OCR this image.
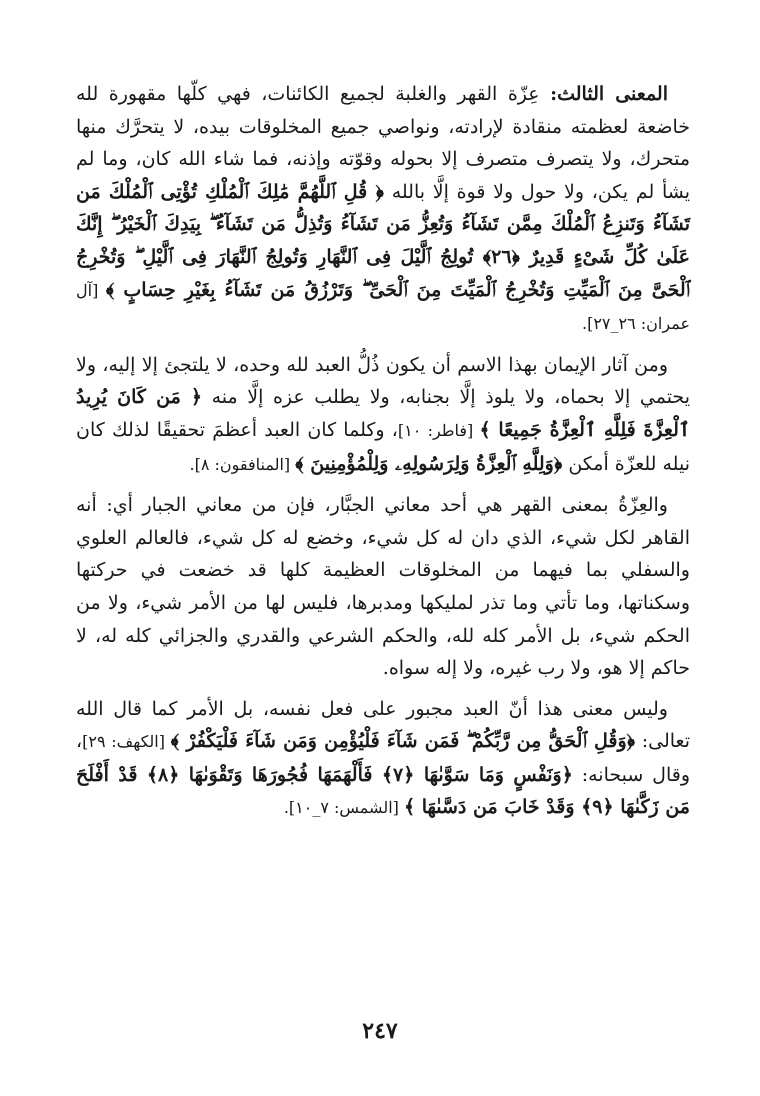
المعنى الثالث: عِزّة القهر والغلبة لجميع الكائنات، فهي كلّها مقهورة لله خاضعة لعظمته منقادة لإرادته، ونواصي جميع المخلوقات بيده، لا يتحرَّك منها متحرك، ولا يتصرف متصرف إلا بحوله وقوّته وإذنه، فما شاء الله كان، وما لم يشأ لم يكن، ولا حول ولا قوة إلَّا بالله ﴿ قُلِ ٱللَّهُمَّ مَٰلِكَ ٱلْمُلْكِ تُؤْتِى ٱلْمُلْكَ مَن تَشَآءُ وَتَنزِعُ ٱلْمُلْكَ مِمَّن تَشَآءُ وَتُعِزُّ مَن تَشَآءُ وَتُذِلُّ مَن تَشَآءُ ۖ بِيَدِكَ ٱلْخَيْرُ ۖ إِنَّكَ عَلَىٰ كُلِّ شَىْءٍ قَدِيرٌ ﴿٢٦﴾ تُولِجُ ٱلَّيْلَ فِى ٱلنَّهَارِ وَتُولِجُ ٱلنَّهَارَ فِى ٱلَّيْلِ ۖ وَتُخْرِجُ ٱلْحَىَّ مِنَ ٱلْمَيِّتِ وَتُخْرِجُ ٱلْمَيِّتَ مِنَ ٱلْحَىِّ ۖ وَتَرْزُقُ مَن تَشَآءُ بِغَيْرِ حِسَابٍ ﴾ [آل عمران: ٢٦_٢٧].

ومن آثار الإيمان بهذا الاسم أن يكون ذُلُّ العبد لله وحده، لا يلتجئ إلا إليه، ولا يحتمي إلا بحماه، ولا يلوذ إلَّا بجنابه، ولا يطلب عزه إلَّا منه ﴿ مَن كَانَ يُرِيدُ ٱلْعِزَّةَ فَلِلَّهِ ٱلْعِزَّةُ جَمِيعًا ﴾ [فاطر: ١٠]، وكلما كان العبد أعظمَ تحقيقًا لذلك كان نيله للعزّة أمكن ﴿وَلِلَّهِ ٱلْعِزَّةُ وَلِرَسُولِهِۦ وَلِلْمُؤْمِنِينَ ﴾ [المنافقون: ٨].

والعِزّةُ بمعنى القهر هي أحد معاني الجبَّار، فإن من معاني الجبار أي: أنه القاهر لكل شيء، الذي دان له كل شيء، وخضع له كل شيء، فالعالم العلوي والسفلي بما فيهما من المخلوقات العظيمة كلها قد خضعت في حركتها وسكناتها، وما تأتي وما تذر لمليكها ومدبرها، فليس لها من الأمر شيء، ولا من الحكم شيء، بل الأمر كله لله، والحكم الشرعي والقدري والجزائي كله له، لا حاكم إلا هو، ولا رب غيره، ولا إله سواه.

وليس معنى هذا أنّ العبد مجبور على فعل نفسه، بل الأمر كما قال الله تعالى: ﴿وَقُلِ ٱلْحَقُّ مِن رَّبِّكُمْ ۖ فَمَن شَآءَ فَلْيُؤْمِن وَمَن شَآءَ فَلْيَكْفُرْ ﴾ [الكهف: ٢٩]، وقال سبحانه: ﴿وَنَفْسٍ وَمَا سَوَّىٰهَا ﴿٧﴾ فَأَلْهَمَهَا فُجُورَهَا وَتَقْوَىٰهَا ﴿٨﴾ قَدْ أَفْلَحَ مَن زَكَّىٰهَا ﴿٩﴾ وَقَدْ خَابَ مَن دَسَّىٰهَا ﴾ [الشمس: ٧_١٠].

٢٤٧
